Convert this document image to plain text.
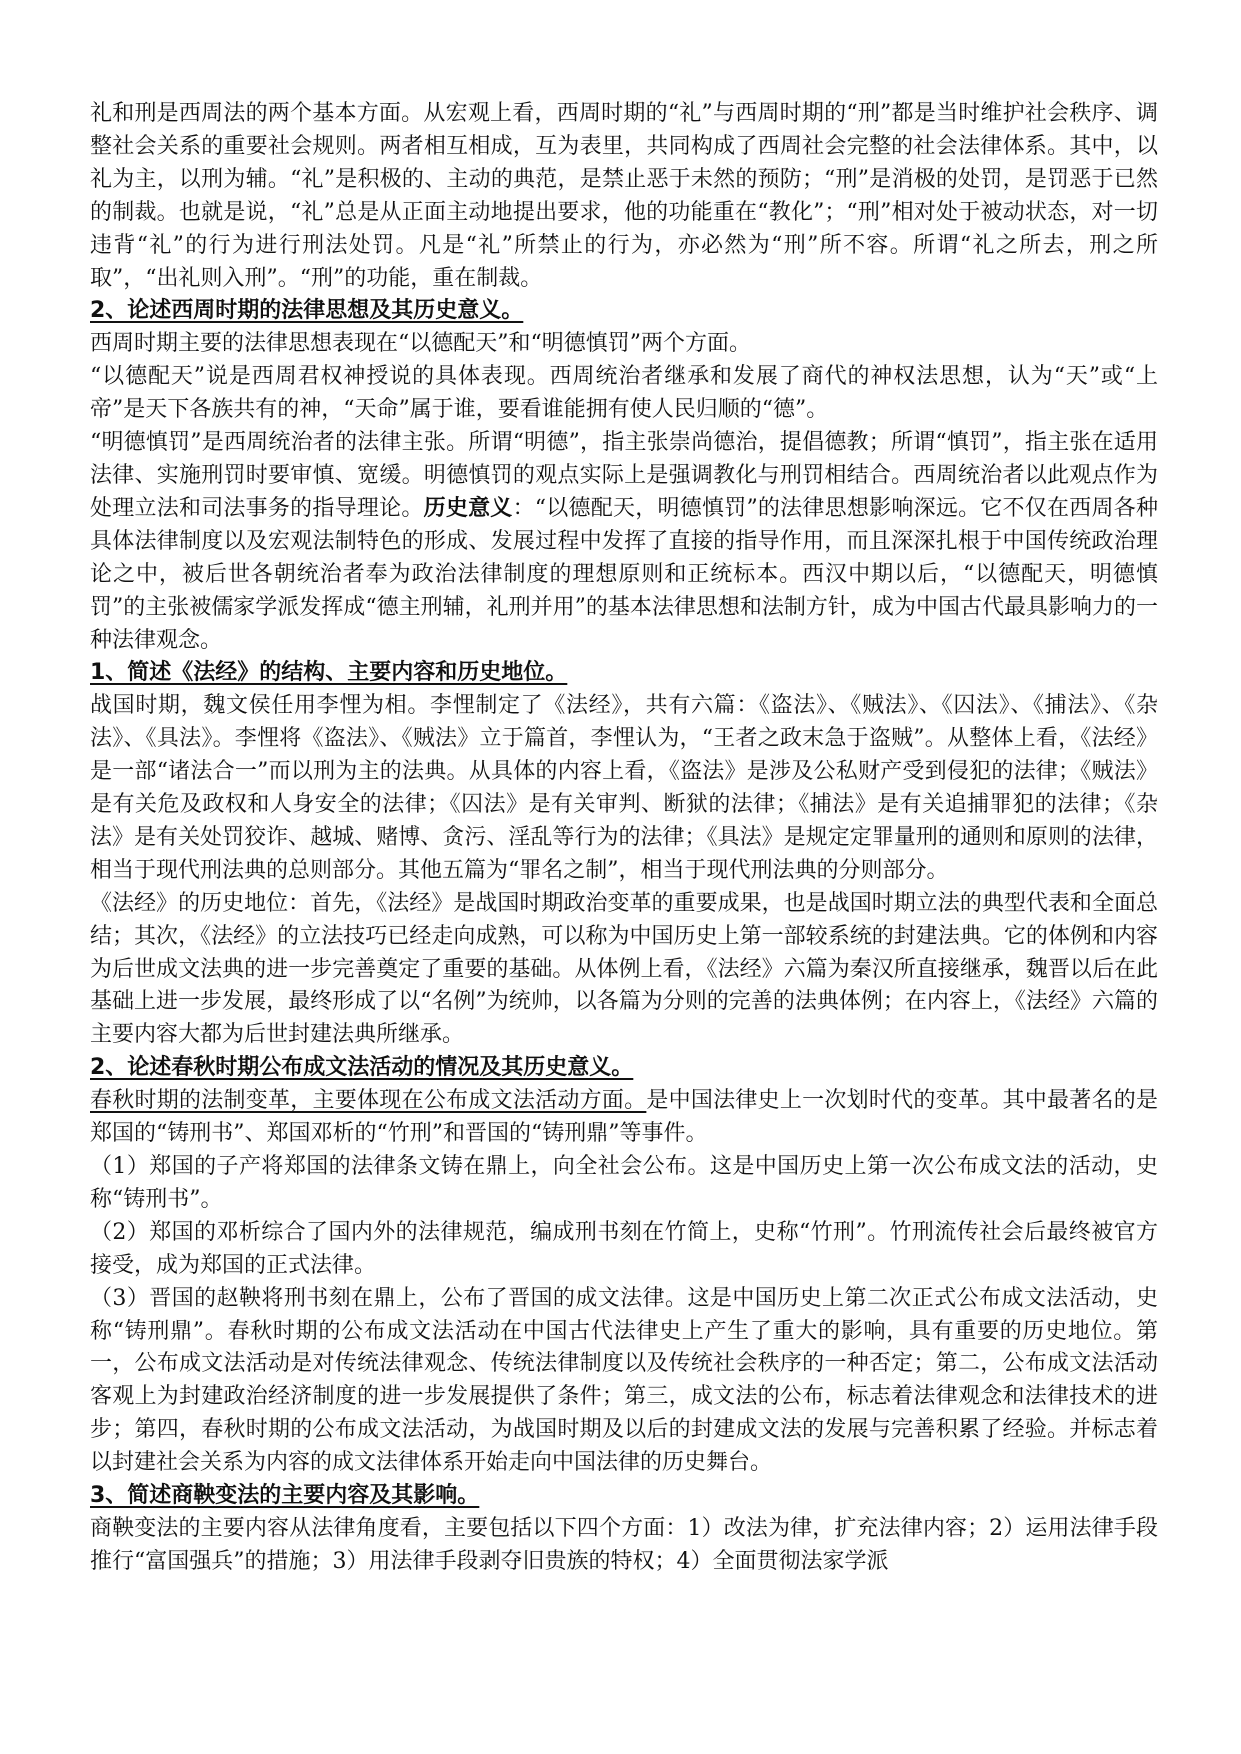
礼和刑是西周法的两个基本方面。从宏观上看，西周时期的“礼”与西周时期的“刑”都是当时维护社会秩序、调整社会关系的重要社会规则。两者相互相成，互为表里，共同构成了西周社会完整的社会法律体系。其中，以礼为主，以刑为辅。“礼”是积极的、主动的典范，是禁止恶于未然的预防；“刑”是消极的处罚，是罚恶于已然的制裁。也就是说，“礼”总是从正面主动地提出要求，他的功能重在“教化”；“刑”相对处于被动状态，对一切违背“礼”的行为进行刑法处罚。凡是“礼”所禁止的行为，亦必然为“刑”所不容。所谓“礼之所去，刑之所取”，“出礼则入刑”。“刑”的功能，重在制裁。

2、论述西周时期的法律思想及其历史意义。

西周时期主要的法律思想表现在“以德配天”和“明德慎罚”两个方面。

“以德配天”说是西周君权神授说的具体表现。西周统治者继承和发展了商代的神权法思想，认为“天”或“上帝”是天下各族共有的神，“天命”属于谁，要看谁能拥有使人民归顺的“德”。

“明德慎罚”是西周统治者的法律主张。所谓“明德”，指主张崇尚德治，提倡德教；所谓“慎罚”，指主张在适用法律、实施刑罚时要审慎、宽缓。明德慎罚的观点实际上是强调教化与刑罚相结合。西周统治者以此观点作为处理立法和司法事务的指导理论。历史意义：“以德配天，明德慎罚”的法律思想影响深远。它不仅在西周各种具体法律制度以及宏观法制特色的形成、发展过程中发挥了直接的指导作用，而且深深扎根于中国传统政治理论之中，被后世各朝统治者奉为政治法律制度的理想原则和正统标本。西汉中期以后，“以德配天，明德慎罚”的主张被儒家学派发挥成“德主刑辅，礼刑并用”的基本法律思想和法制方针，成为中国古代最具影响力的一种法律观念。

1、简述《法经》的结构、主要内容和历史地位。

战国时期，魏文侯任用李悝为相。李悝制定了《法经》，共有六篇：《盗法》、《贼法》、《囚法》、《捕法》、《杂法》、《具法》。李悝将《盗法》、《贼法》立于篇首，李悝认为，“王者之政末急于盗贼”。从整体上看，《法经》是一部“诸法合一”而以刑为主的法典。从具体的内容上看，《盗法》是涉及公私财产受到侵犯的法律；《贼法》是有关危及政权和人身安全的法律；《囚法》是有关审判、断狱的法律；《捕法》是有关追捕罪犯的法律；《杂法》是有关处罚狡诈、越城、赌博、贪污、淫乱等行为的法律；《具法》是规定定罪量刑的通则和原则的法律，相当于现代刑法典的总则部分。其他五篇为“罪名之制”，相当于现代刑法典的分则部分。

《法经》的历史地位：首先，《法经》是战国时期政治变革的重要成果，也是战国时期立法的典型代表和全面总结；其次，《法经》的立法技巧已经走向成熟，可以称为中国历史上第一部较系统的封建法典。它的体例和内容为后世成文法典的进一步完善奠定了重要的基础。从体例上看，《法经》六篇为秦汉所直接继承，魏晋以后在此基础上进一步发展，最终形成了以“名例”为统帅，以各篇为分则的完善的法典体例；在内容上，《法经》六篇的主要内容大都为后世封建法典所继承。

2、论述春秋时期公布成文法活动的情况及其历史意义。

春秋时期的法制变革，主要体现在公布成文法活动方面。是中国法律史上一次划时代的变革。其中最著名的是郑国的“铸刑书”、郑国邓析的“竹刑”和晋国的“铸刑鼎”等事件。

（1）郑国的子产将郑国的法律条文铸在鼎上，向全社会公布。这是中国历史上第一次公布成文法的活动，史称“铸刑书”。

（2）郑国的邓析综合了国内外的法律规范，编成刑书刻在竹简上，史称“竹刑”。竹刑流传社会后最终被官方接受，成为郑国的正式法律。

（3）晋国的赵鞅将刑书刻在鼎上，公布了晋国的成文法律。这是中国历史上第二次正式公布成文法活动，史称“铸刑鼎”。春秋时期的公布成文法活动在中国古代法律史上产生了重大的影响，具有重要的历史地位。第一，公布成文法活动是对传统法律观念、传统法律制度以及传统社会秩序的一种否定；第二，公布成文法活动客观上为封建政治经济制度的进一步发展提供了条件；第三，成文法的公布，标志着法律观念和法律技术的进步；第四，春秋时期的公布成文法活动，为战国时期及以后的封建成文法的发展与完善积累了经验。并标志着以封建社会关系为内容的成文法律体系开始走向中国法律的历史舞台。

3、简述商鞅变法的主要内容及其影响。

商鞅变法的主要内容从法律角度看，主要包括以下四个方面：1）改法为律，扩充法律内容；2）运用法律手段推行“富国强兵”的措施；3）用法律手段剥夺旧贵族的特权；4）全面贯彻法家学派
